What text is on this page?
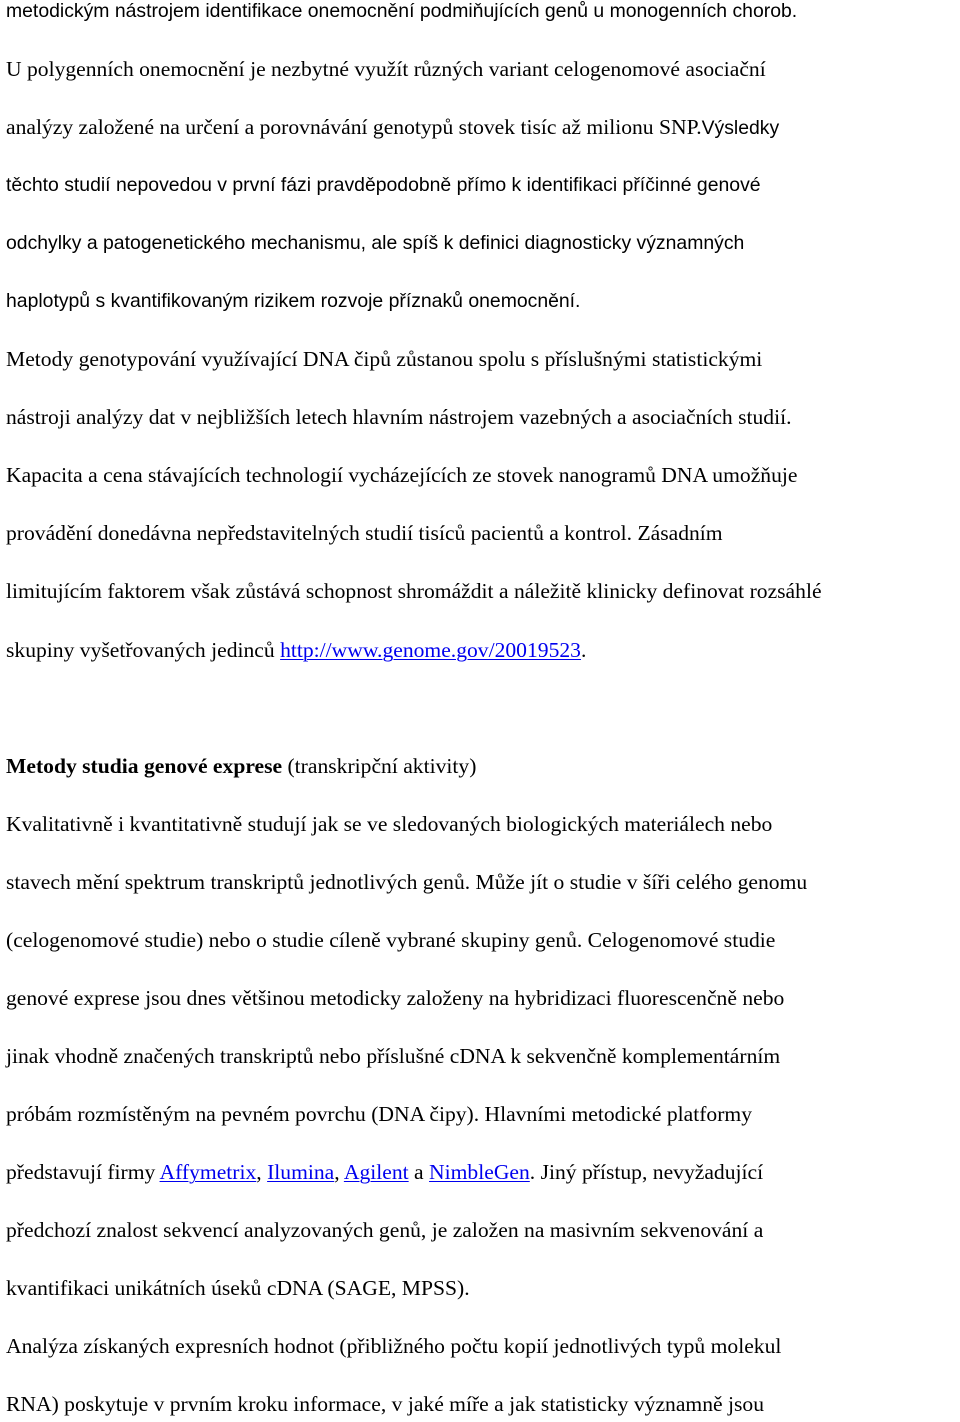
metodickým nástrojem identifikace onemocnění podmiňujících genů u monogenních chorob.
U polygenních onemocnění je nezbytné využít různých variant celogenomové asociační
analýzy založené na určení a porovnávání genotypů stovek tisíc až milionu SNP.Výsledky
těchto studií nepovedou v první fázi pravděpodobně přímo k identifikaci příčinné genové
odchylky a patogenetického mechanismu, ale spíš k definici diagnosticky významných
haplotypů s kvantifikovaným rizikem rozvoje příznaků onemocnění.
Metody genotypování využívající DNA čipů zůstanou spolu s příslušnými statistickými
nástroji analýzy dat v nejbližších letech hlavním nástrojem vazebných a asociačních studií.
Kapacita a cena stávajících technologií vycházejících ze stovek nanogramů DNA umožňuje
provádění donedávna nepředstavitelných studií tisíců pacientů a kontrol. Zásadním
limitujícím faktorem však zůstává schopnost shromáždit a náležitě klinicky definovat rozsáhlé
skupiny vyšetřovaných jedinců http://www.genome.gov/20019523.
Metody studia genové exprese (transkripční aktivity)
Kvalitativně i kvantitativně studují jak se ve sledovaných biologických materiálech nebo
stavech mění spektrum transkriptů jednotlivých genů. Může jít o studie v šíři celého genomu
(celogenomové studie) nebo o studie cíleně vybrané skupiny genů. Celogenomové studie
genové exprese jsou dnes většinou metodicky založeny na hybridizaci fluorescenčně nebo
jinak vhodně značených transkriptů nebo příslušné cDNA k sekvenčně komplementárním
próbám rozmístěným na pevném povrchu (DNA čipy). Hlavními metodické platformy
představují firmy Affymetrix, Ilumina, Agilent a NimbleGen. Jiný přístup, nevyžadující
předchozí znalost sekvencí analyzovaných genů, je založen na masivním sekvenování a
kvantifikaci unikátních úseků cDNA (SAGE, MPSS).
Analýza získaných expresních hodnot (přibližného počtu kopií jednotlivých typů molekul
RNA) poskytuje v prvním kroku informace, v jaké míře a jak statisticky významně jsou
